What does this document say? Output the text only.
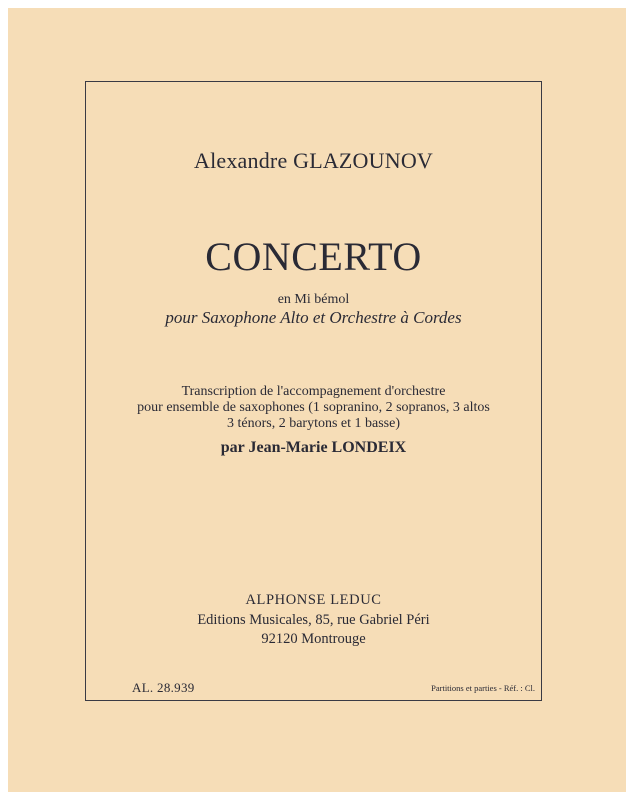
Alexandre GLAZOUNOV
CONCERTO
en Mi bémol
pour Saxophone Alto et Orchestre à Cordes
Transcription de l'accompagnement d'orchestre
pour ensemble de saxophones (1 sopranino, 2 sopranos, 3 altos
3 ténors, 2 barytons et 1 basse)
par Jean-Marie LONDEIX
ALPHONSE LEDUC
Editions Musicales, 85, rue Gabriel Péri
92120 Montrouge
AL. 28.939	Partitions et parties - Réf. : Cl.
